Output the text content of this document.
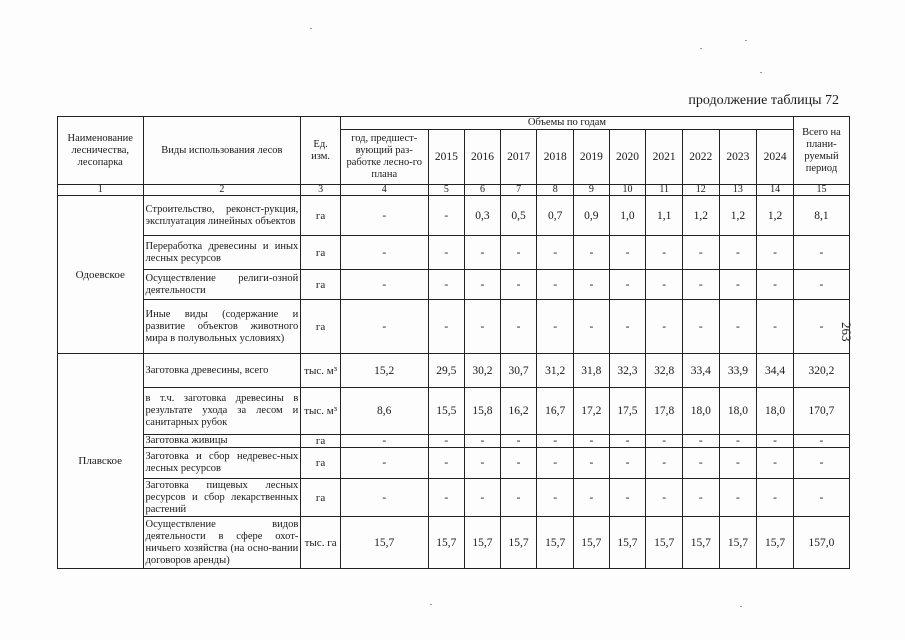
продолжение таблицы 72
263
Наименование лесничества, лесопарка	Виды использования лесов	Ед. изм.	Объемы по годам											Всего на плани-руемый период
			год, предшест-вующий раз-работке лесно-го плана	2015	2016	2017	2018	2019	2020	2021	2022	2023	2024	
1	2	3	4	5	6	7	8	9	10	11	12	13	14	15
Одоевское	Строительство, реконст-рукция, эксплуатация линейных объектов	га	-	-	0,3	0,5	0,7	0,9	1,0	1,1	1,2	1,2	1,2	8,1
	Переработка древесины и иных лесных ресурсов	га	-	-	-	-	-	-	-	-	-	-	-	-
	Осуществление религи-озной деятельности	га	-	-	-	-	-	-	-	-	-	-	-	-
	Иные виды (содержание и развитие объектов животного мира в полувольных условиях)	га	-	-	-	-	-	-	-	-	-	-	-	-
Плавское	Заготовка древесины, всего	тыс. м³	15,2	29,5	30,2	30,7	31,2	31,8	32,3	32,8	33,4	33,9	34,4	320,2
	в т.ч. заготовка древесины в результате ухода за лесом и санитарных рубок	тыс. м³	8,6	15,5	15,8	16,2	16,7	17,2	17,5	17,8	18,0	18,0	18,0	170,7
	Заготовка живицы	га	-	-	-	-	-	-	-	-	-	-	-	-
	Заготовка и сбор недревес-ных лесных ресурсов	га	-	-	-	-	-	-	-	-	-	-	-	-
	Заготовка пищевых лесных ресурсов и сбор лекарственных растений	га	-	-	-	-	-	-	-	-	-	-	-	-
	Осуществление видов деятельности в сфере охот-ничьего хозяйства (на осно-вании договоров аренды)	тыс. га	15,7	15,7	15,7	15,7	15,7	15,7	15,7	15,7	15,7	15,7	15,7	157,0
